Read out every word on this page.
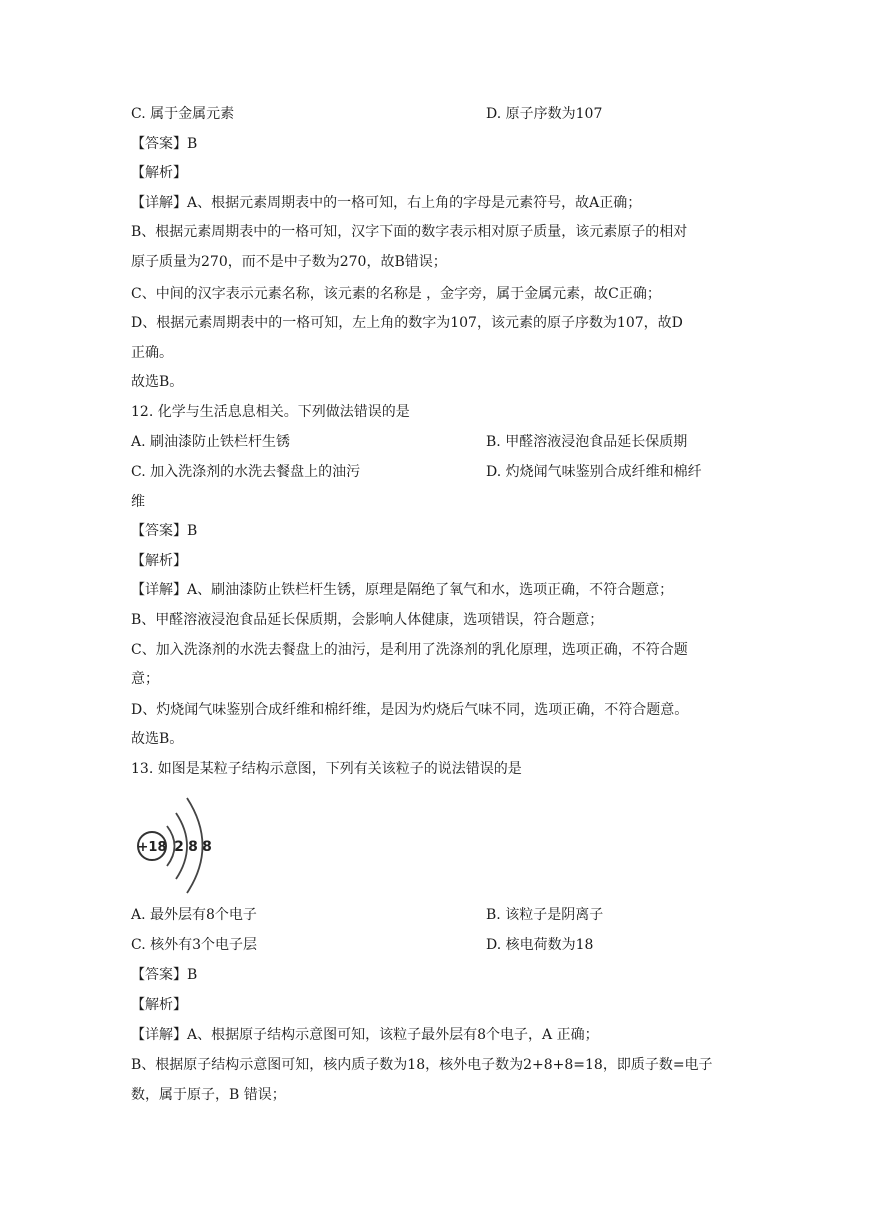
C. 属于金属元素	D. 原子序数为107
【答案】B
【解析】
【详解】A、根据元素周期表中的一格可知，右上角的字母是元素符号，故A正确；
B、根据元素周期表中的一格可知，汉字下面的数字表示相对原子质量，该元素原子的相对
原子质量为270，而不是中子数为270，故B错误；
C、中间的汉字表示元素名称，该元素的名称是 ，金字旁，属于金属元素，故C正确；
D、根据元素周期表中的一格可知，左上角的数字为107，该元素的原子序数为107，故D
正确。
故选B。
12. 化学与生活息息相关。下列做法错误的是
A. 刷油漆防止铁栏杆生锈	B. 甲醛溶液浸泡食品延长保质期
C. 加入洗涤剂的水洗去餐盘上的油污	D. 灼烧闻气味鉴别合成纤维和棉纤
维
【答案】B
【解析】
【详解】A、刷油漆防止铁栏杆生锈，原理是隔绝了氧气和水，选项正确，不符合题意；
B、甲醛溶液浸泡食品延长保质期，会影响人体健康，选项错误，符合题意；
C、加入洗涤剂的水洗去餐盘上的油污，是利用了洗涤剂的乳化原理，选项正确，不符合题
意；
D、灼烧闻气味鉴别合成纤维和棉纤维，是因为灼烧后气味不同，选项正确，不符合题意。
故选B。
13. 如图是某粒子结构示意图，下列有关该粒子的说法错误的是
+18 2 8 8
A. 最外层有8个电子	B. 该粒子是阴离子
C. 核外有3个电子层	D. 核电荷数为18
【答案】B
【解析】
【详解】A、根据原子结构示意图可知，该粒子最外层有8个电子，A 正确；
B、根据原子结构示意图可知，核内质子数为18，核外电子数为2+8+8=18，即质子数=电子
数，属于原子，B 错误；
